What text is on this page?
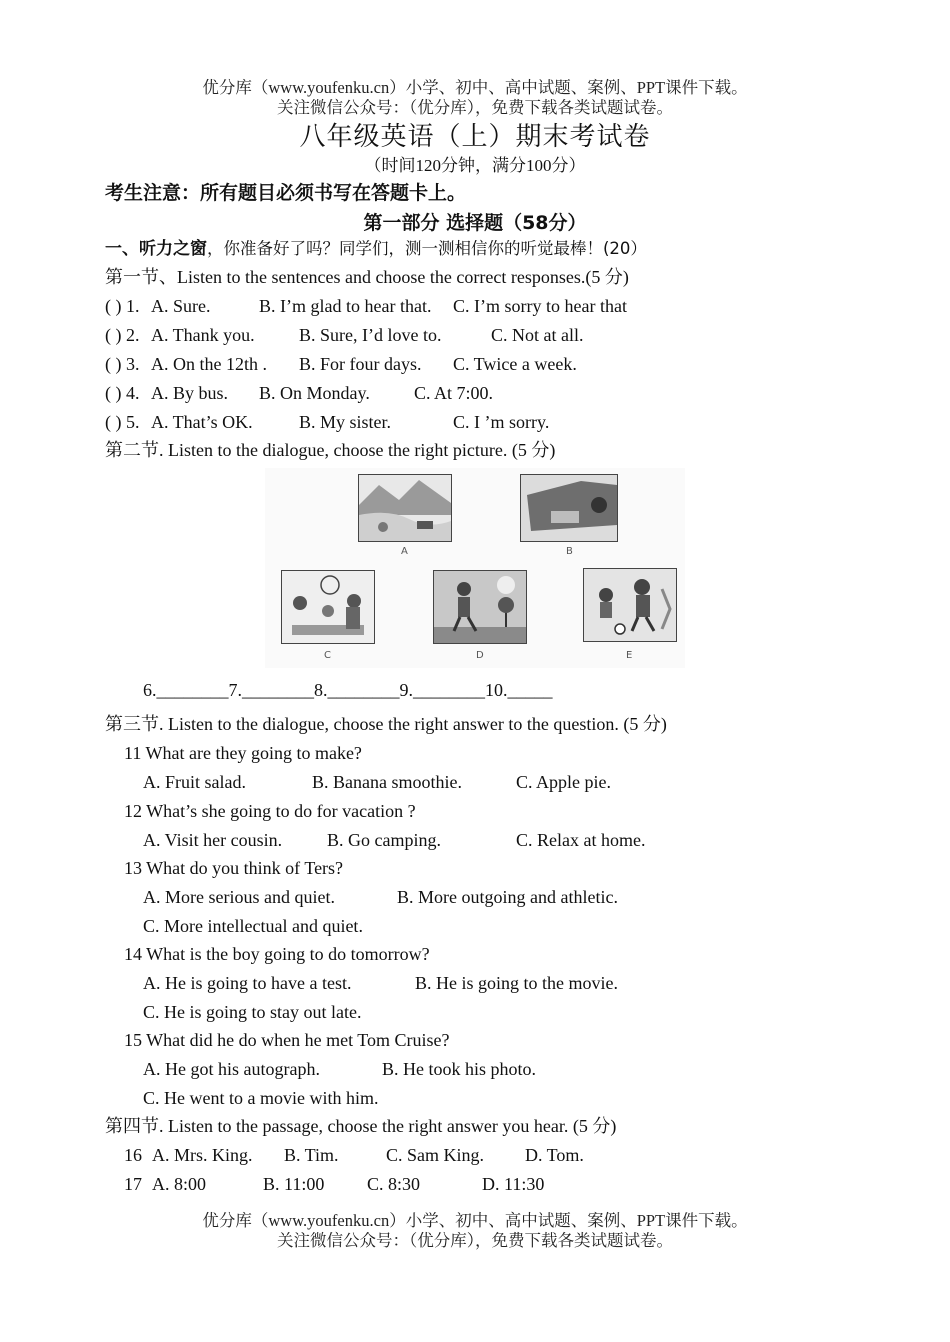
优分库（www.youfenku.cn）小学、初中、高中试题、案例、PPT课件下载。
关注微信公众号：（优分库），免费下载各类试题试卷。
八年级英语（上）期末考试卷
（时间120分钟，满分100分）
考生注意：所有题目必须书写在答题卡上。
第一部分 选择题（58分）
一、听力之窗，你准备好了吗？同学们，测一测相信你的听觉最棒！(20）
第一节、Listen to the sentences and choose the correct responses.(5 分)
( ) 1. A. Sure.	B. I’m glad to hear that. C. I’m sorry to hear that
( ) 2. A. Thank you. B. Sure, I’d love to.	C. Not at all.
( ) 3. A. On the 12th . B. For four days. C. Twice a week.
( ) 4. A. By bus. B. On Monday. C. At 7:00.
( ) 5. A. That’s OK.	B. My sister.	C. I ’m sorry.
第二节. Listen to the dialogue, choose the right picture. (5 分)
A	B
C	D	E
6.________7.________8.________9.________10._____
第三节. Listen to the dialogue, choose the right answer to the question. (5 分)
11 What are they going to make?
A. Fruit salad.	B. Banana smoothie.	C. Apple pie.
12 What’s she going to do for vacation ?
A. Visit her cousin. B. Go camping.	C. Relax at home.
13 What do you think of Ters?
A. More serious and quiet.	B. More outgoing and athletic.
C. More intellectual and quiet.
14 What is the boy going to do tomorrow?
A. He is going to have a test.	B. He is going to the movie.
C. He is going to stay out late.
15 What did he do when he met Tom Cruise?
A. He got his autograph.	B. He took his photo.
C. He went to a movie with him.
第四节. Listen to the passage, choose the right answer you hear. (5 分)
16 A. Mrs. King. B. Tim.	C. Sam King. D. Tom.
17 A. 8:00	B. 11:00 C. 8:30	D. 11:30
优分库（www.youfenku.cn）小学、初中、高中试题、案例、PPT课件下载。
关注微信公众号：（优分库），免费下载各类试题试卷。
